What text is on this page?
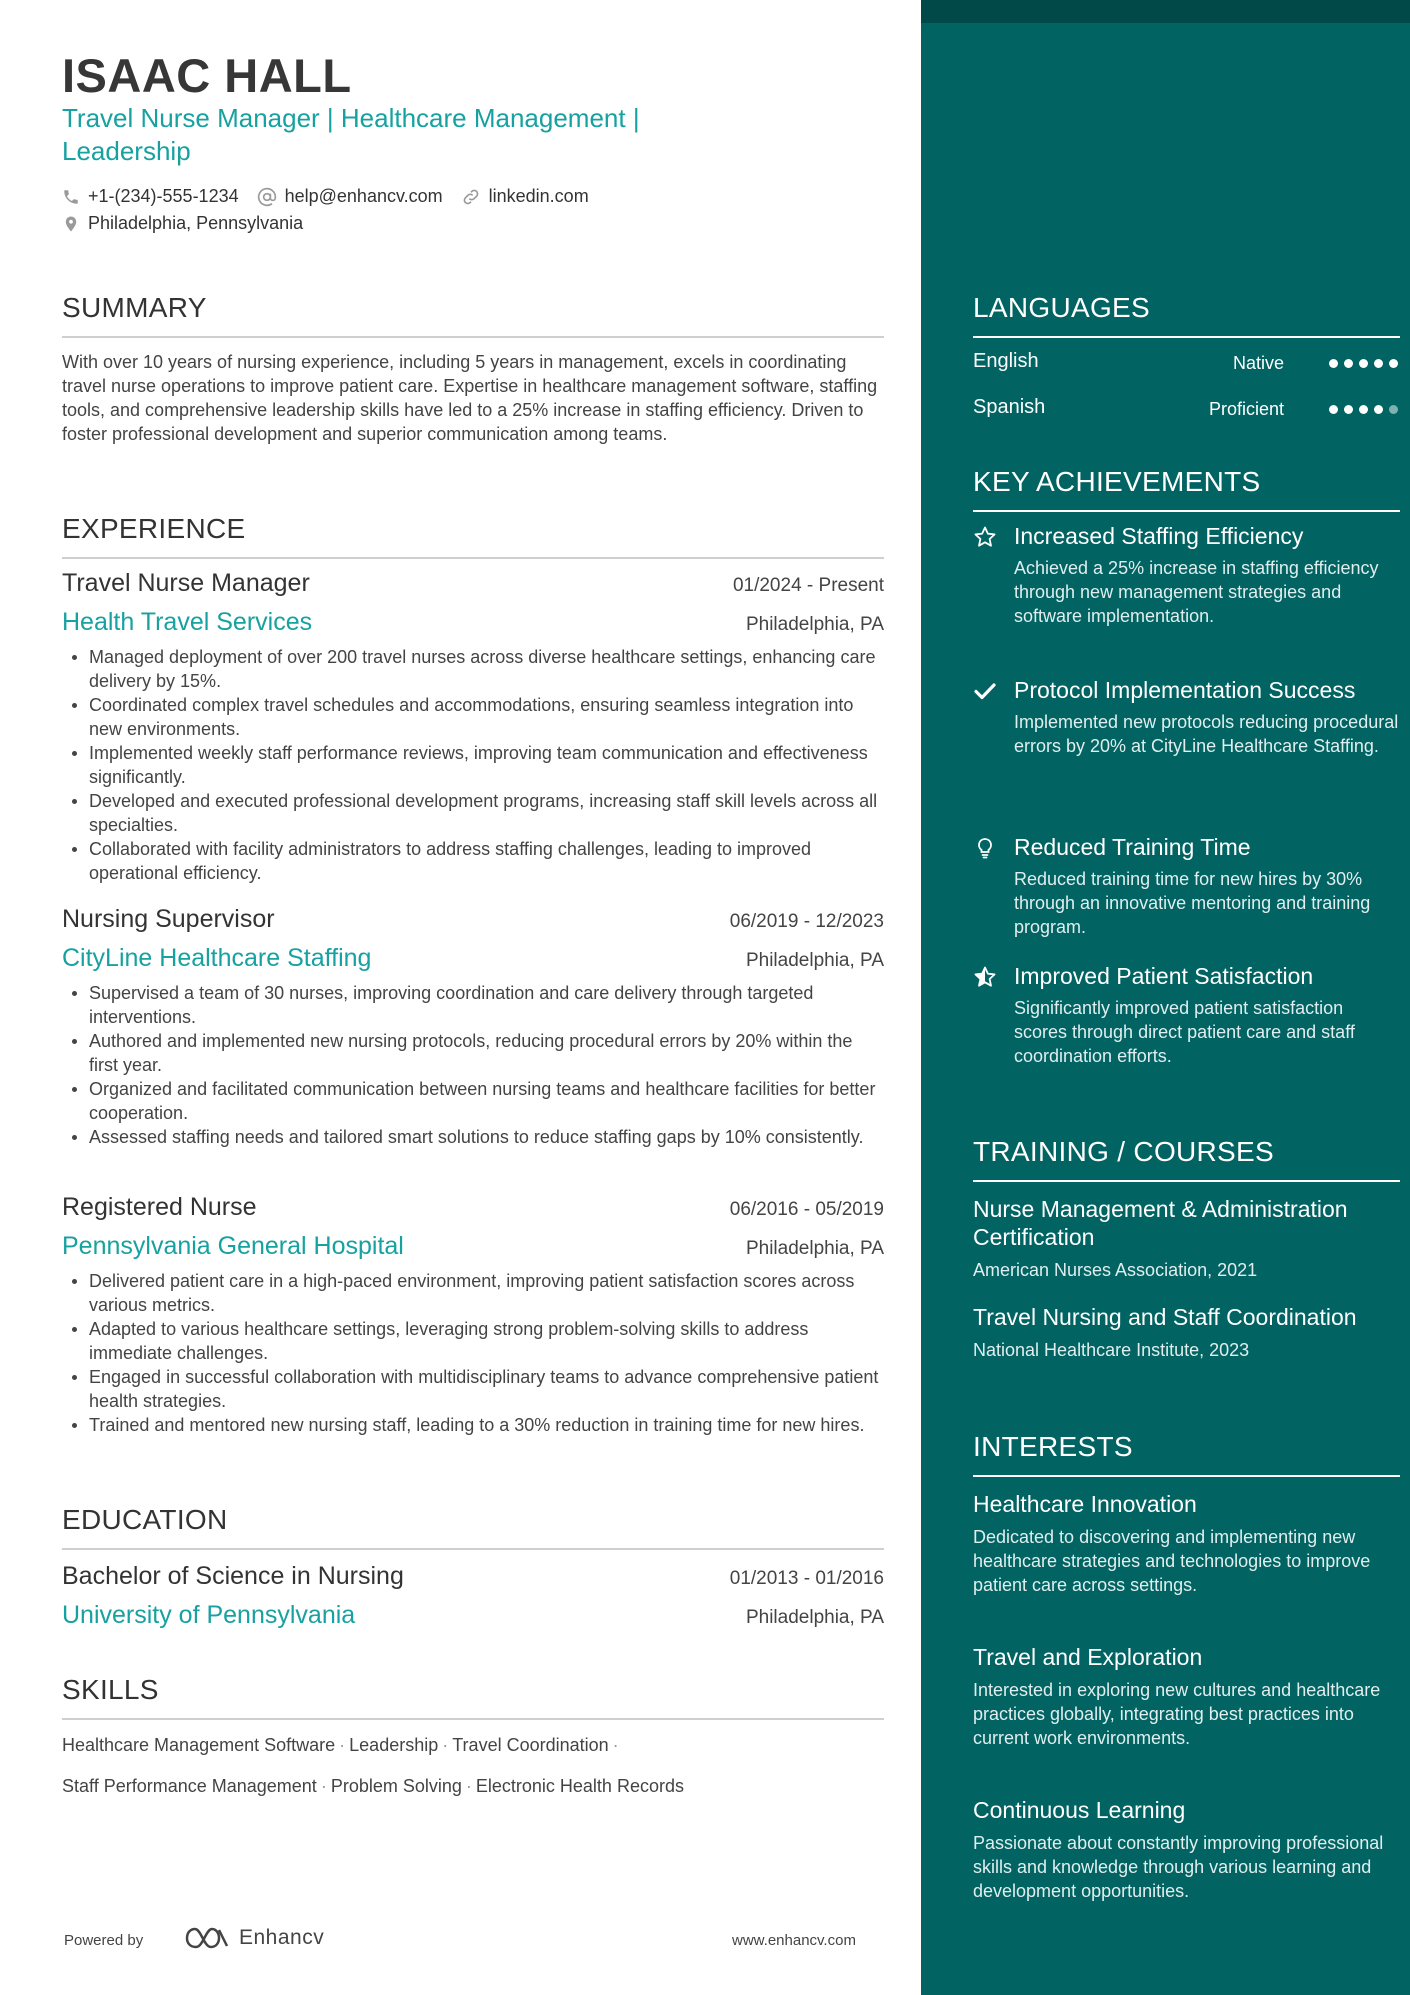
ISAAC HALL
Travel Nurse Manager | Healthcare Management |
Leadership
+1-(234)-555-1234	help@enhancv.com	linkedin.com
Philadelphia, Pennsylvania
SUMMARY
With over 10 years of nursing experience, including 5 years in management, excels in coordinating travel nurse operations to improve patient care. Expertise in healthcare management software, staffing tools, and comprehensive leadership skills have led to a 25% increase in staffing efficiency. Driven to foster professional development and superior communication among teams.
EXPERIENCE
Travel Nurse Manager	01/2024 - Present
Health Travel Services	Philadelphia, PA
Managed deployment of over 200 travel nurses across diverse healthcare settings, enhancing care delivery by 15%.
Coordinated complex travel schedules and accommodations, ensuring seamless integration into new environments.
Implemented weekly staff performance reviews, improving team communication and effectiveness significantly.
Developed and executed professional development programs, increasing staff skill levels across all specialties.
Collaborated with facility administrators to address staffing challenges, leading to improved operational efficiency.
Nursing Supervisor	06/2019 - 12/2023
CityLine Healthcare Staffing	Philadelphia, PA
Supervised a team of 30 nurses, improving coordination and care delivery through targeted interventions.
Authored and implemented new nursing protocols, reducing procedural errors by 20% within the first year.
Organized and facilitated communication between nursing teams and healthcare facilities for better cooperation.
Assessed staffing needs and tailored smart solutions to reduce staffing gaps by 10% consistently.
Registered Nurse	06/2016 - 05/2019
Pennsylvania General Hospital	Philadelphia, PA
Delivered patient care in a high-paced environment, improving patient satisfaction scores across various metrics.
Adapted to various healthcare settings, leveraging strong problem-solving skills to address immediate challenges.
Engaged in successful collaboration with multidisciplinary teams to advance comprehensive patient health strategies.
Trained and mentored new nursing staff, leading to a 30% reduction in training time for new hires.
EDUCATION
Bachelor of Science in Nursing	01/2013 - 01/2016
University of Pennsylvania	Philadelphia, PA
SKILLS
Healthcare Management Software · Leadership · Travel Coordination ·
Staff Performance Management · Problem Solving · Electronic Health Records
Powered by	Enhancv	www.enhancv.com
LANGUAGES
English	Native
Spanish	Proficient
KEY ACHIEVEMENTS
Increased Staffing Efficiency
Achieved a 25% increase in staffing efficiency through new management strategies and software implementation.
Protocol Implementation Success
Implemented new protocols reducing procedural errors by 20% at CityLine Healthcare Staffing.
Reduced Training Time
Reduced training time for new hires by 30% through an innovative mentoring and training program.
Improved Patient Satisfaction
Significantly improved patient satisfaction scores through direct patient care and staff coordination efforts.
TRAINING / COURSES
Nurse Management & Administration Certification
American Nurses Association, 2021
Travel Nursing and Staff Coordination
National Healthcare Institute, 2023
INTERESTS
Healthcare Innovation
Dedicated to discovering and implementing new healthcare strategies and technologies to improve patient care across settings.
Travel and Exploration
Interested in exploring new cultures and healthcare practices globally, integrating best practices into current work environments.
Continuous Learning
Passionate about constantly improving professional skills and knowledge through various learning and development opportunities.
